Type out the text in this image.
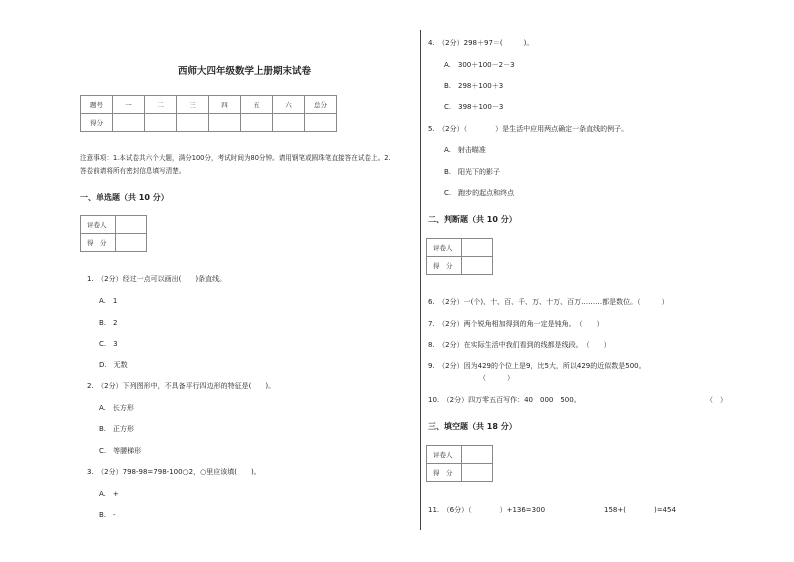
西师大四年级数学上册期末试卷
题号	一	二	三	四	五	六	总分
得分							
注意事项：1.本试卷共六个大题，满分100分，考试时间为80分钟。请用钢笔或圆珠笔直接答在试卷上。2.
答卷前请将所有密封信息填写清楚。
一、单选题（共 10 分）
评卷人	
得　分	
1.　（2分）经过一点可以画出(　　)条直线。
A.　1
B.　2
C.　3
D.　无数
2.　（2分）下列图形中，不具备平行四边形的特征是(　　)。
A.　长方形
B.　正方形
C.　等腰梯形
3.　（2分）798-98=798-100○2，○里应该填(　　)。
A.　+
B.　-
4.　（2分）298＋97＝(　　　)。
A.　300＋100－2－3
B.　298＋100＋3
C.　398＋100－3
5.　（2分）（　　　　）是生活中应用两点确定一条直线的例子。
A.　射击瞄准
B.　阳光下的影子
C.　跑步的起点和终点
二、判断题（共 10 分）
评卷人	
得　分	
6.　（2分）一(个)、十、百、千、万、十万、百万………都是数位。（　　　）
7.　（2分）两个锐角相加得到的角一定是钝角。　（　　）
8.　（2分）在实际生活中我们看到的线都是线段。　（　　）
9.　（2分）因为429的个位上是9，比5大，所以429的近似数是500。
（　　　）
10.　（2分）四万零五百写作：40　000　500。	（　）
三、填空题（共 18 分）
评卷人	
得　分	
11.　（6分）（　　　　）+136=300	158+(　　　　)=454
